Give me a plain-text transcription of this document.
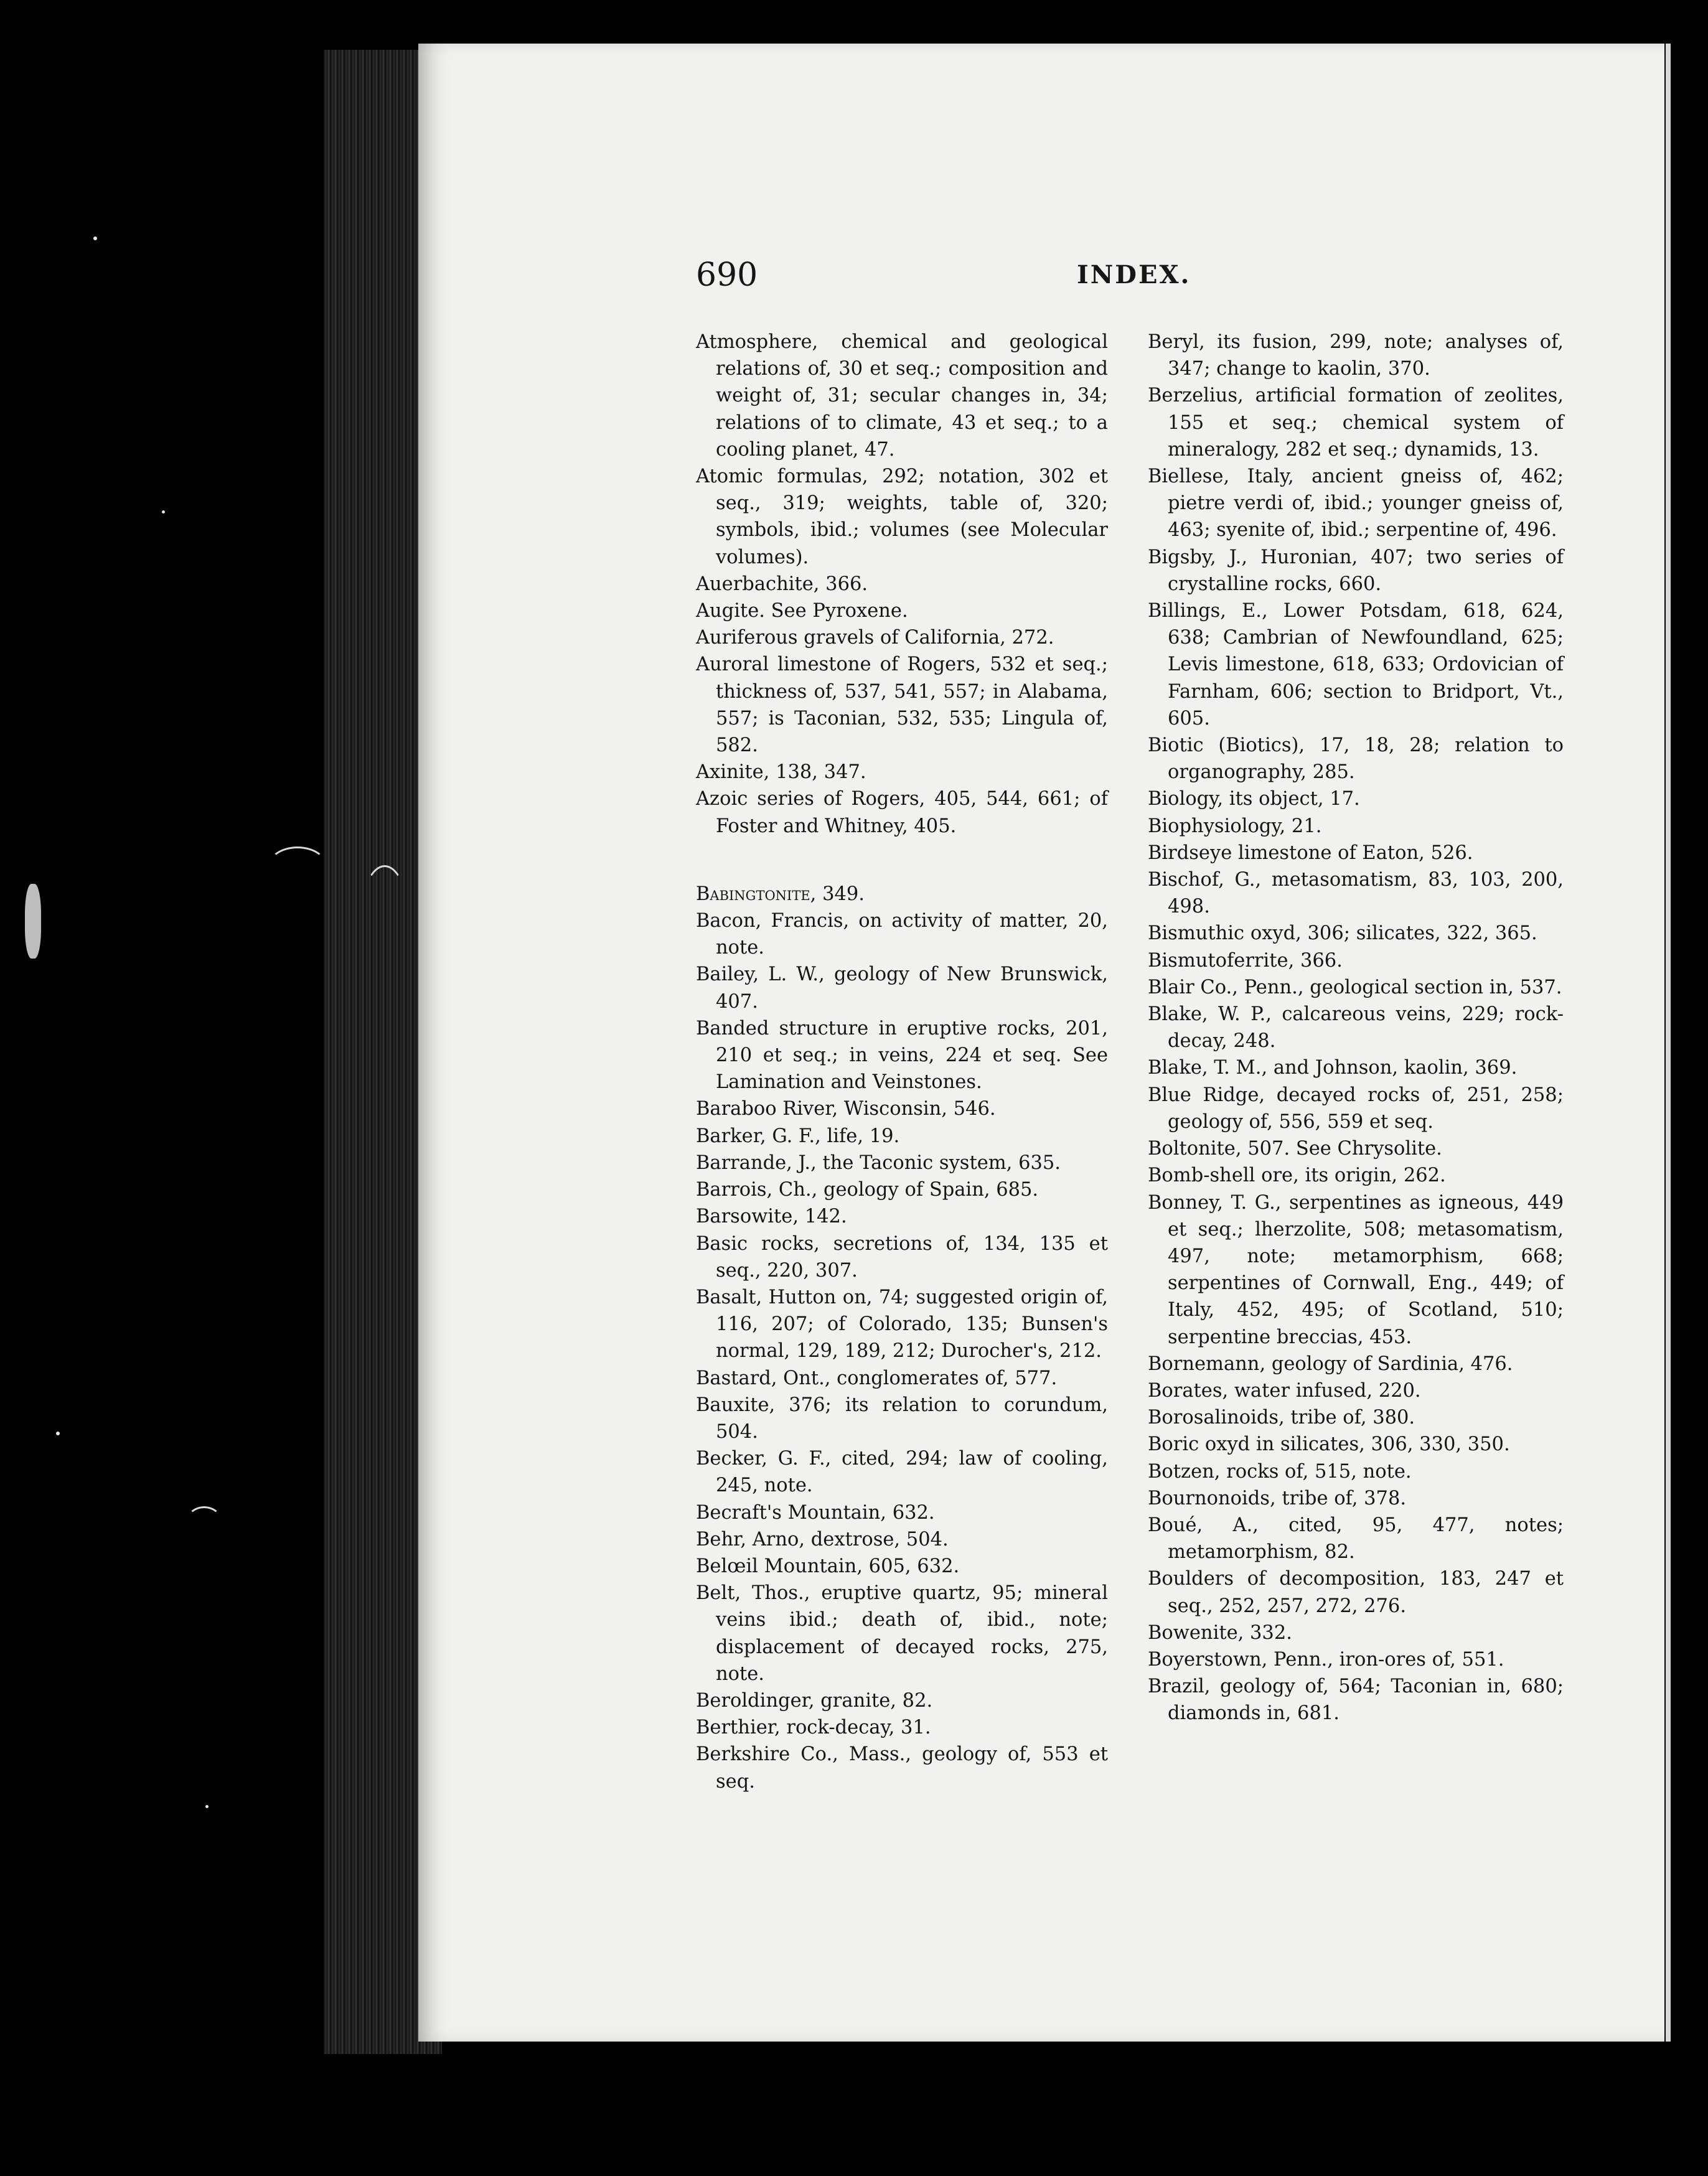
690	INDEX.

Atmosphere, chemical and geological relations of, 30 et seq.; composition and weight of, 31; secular changes in, 34; relations of to climate, 43 et seq.; to a cooling planet, 47.

Atomic formulas, 292; notation, 302 et seq., 319; weights, table of, 320; symbols, ibid.; volumes (see Molecular volumes).

Auerbachite, 366.

Augite. See Pyroxene.

Auriferous gravels of California, 272.

Auroral limestone of Rogers, 532 et seq.; thickness of, 537, 541, 557; in Alabama, 557; is Taconian, 532, 535; Lingula of, 582.

Axinite, 138, 347.

Azoic series of Rogers, 405, 544, 661; of Foster and Whitney, 405.

Babingtonite, 349.

Bacon, Francis, on activity of matter, 20, note.

Bailey, L. W., geology of New Brunswick, 407.

Banded structure in eruptive rocks, 201, 210 et seq.; in veins, 224 et seq. See Lamination and Veinstones.

Baraboo River, Wisconsin, 546.

Barker, G. F., life, 19.

Barrande, J., the Taconic system, 635.

Barrois, Ch., geology of Spain, 685.

Barsowite, 142.

Basic rocks, secretions of, 134, 135 et seq., 220, 307.

Basalt, Hutton on, 74; suggested origin of, 116, 207; of Colorado, 135; Bunsen's normal, 129, 189, 212; Durocher's, 212.

Bastard, Ont., conglomerates of, 577.

Bauxite, 376; its relation to corundum, 504.

Becker, G. F., cited, 294; law of cooling, 245, note.

Becraft's Mountain, 632.

Behr, Arno, dextrose, 504.

Belœil Mountain, 605, 632.

Belt, Thos., eruptive quartz, 95; mineral veins ibid.; death of, ibid., note; displacement of decayed rocks, 275, note.

Beroldinger, granite, 82.

Berthier, rock-decay, 31.

Berkshire Co., Mass., geology of, 553 et seq.

Beryl, its fusion, 299, note; analyses of, 347; change to kaolin, 370.

Berzelius, artificial formation of zeolites, 155 et seq.; chemical system of mineralogy, 282 et seq.; dynamids, 13.

Biellese, Italy, ancient gneiss of, 462; pietre verdi of, ibid.; younger gneiss of, 463; syenite of, ibid.; serpentine of, 496.

Bigsby, J., Huronian, 407; two series of crystalline rocks, 660.

Billings, E., Lower Potsdam, 618, 624, 638; Cambrian of Newfoundland, 625; Levis limestone, 618, 633; Ordovician of Farnham, 606; section to Bridport, Vt., 605.

Biotic (Biotics), 17, 18, 28; relation to organography, 285.

Biology, its object, 17.

Biophysiology, 21.

Birdseye limestone of Eaton, 526.

Bischof, G., metasomatism, 83, 103, 200, 498.

Bismuthic oxyd, 306; silicates, 322, 365.

Bismutoferrite, 366.

Blair Co., Penn., geological section in, 537.

Blake, W. P., calcareous veins, 229; rock-decay, 248.

Blake, T. M., and Johnson, kaolin, 369.

Blue Ridge, decayed rocks of, 251, 258; geology of, 556, 559 et seq.

Boltonite, 507. See Chrysolite.

Bomb-shell ore, its origin, 262.

Bonney, T. G., serpentines as igneous, 449 et seq.; lherzolite, 508; metasomatism, 497, note; metamorphism, 668; serpentines of Cornwall, Eng., 449; of Italy, 452, 495; of Scotland, 510; serpentine breccias, 453.

Bornemann, geology of Sardinia, 476.

Borates, water infused, 220.

Borosalinoids, tribe of, 380.

Boric oxyd in silicates, 306, 330, 350.

Botzen, rocks of, 515, note.

Bournonoids, tribe of, 378.

Boué, A., cited, 95, 477, notes; metamorphism, 82.

Boulders of decomposition, 183, 247 et seq., 252, 257, 272, 276.

Bowenite, 332.

Boyerstown, Penn., iron-ores of, 551.

Brazil, geology of, 564; Taconian in, 680; diamonds in, 681.
